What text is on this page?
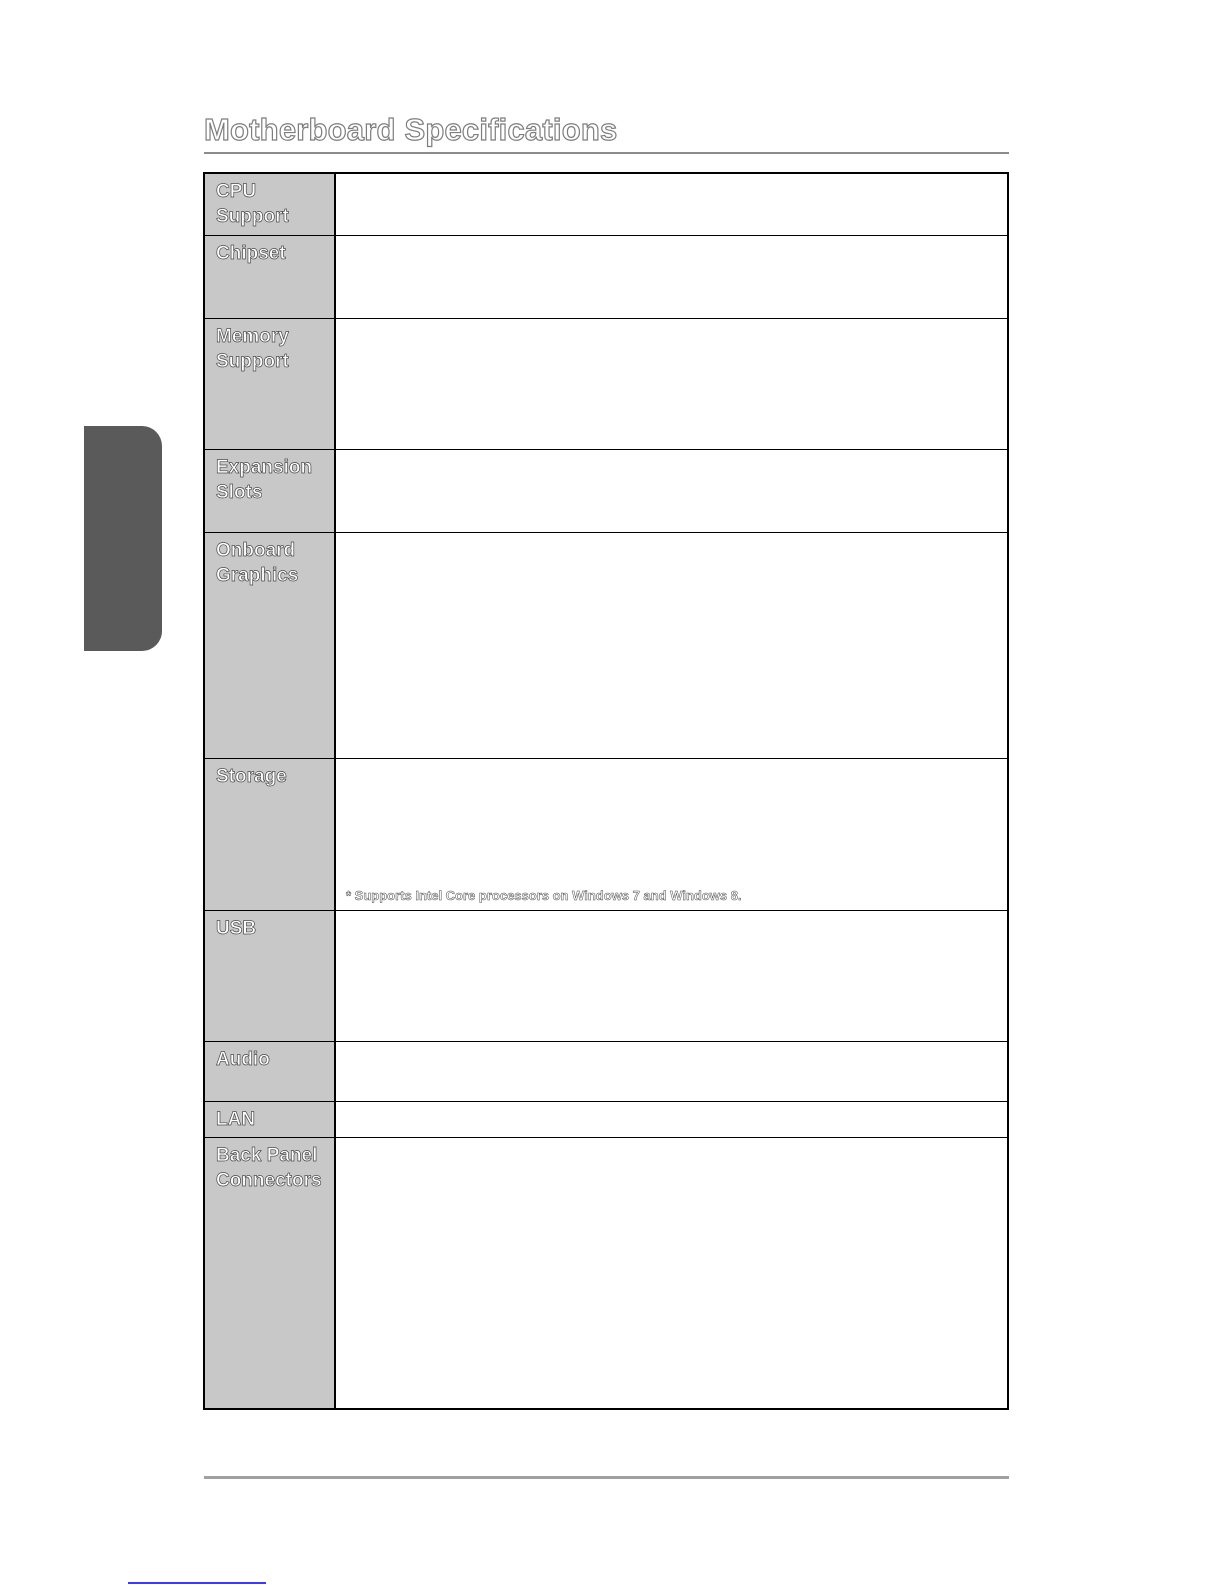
Motherboard Specifications
CPU
Support
Chipset
Memory
Support
Expansion
Slots
Onboard
Graphics
Storage
* Supports Intel Core processors on Windows 7 and Windows 8.
USB
Audio
LAN
Back Panel
Connectors
